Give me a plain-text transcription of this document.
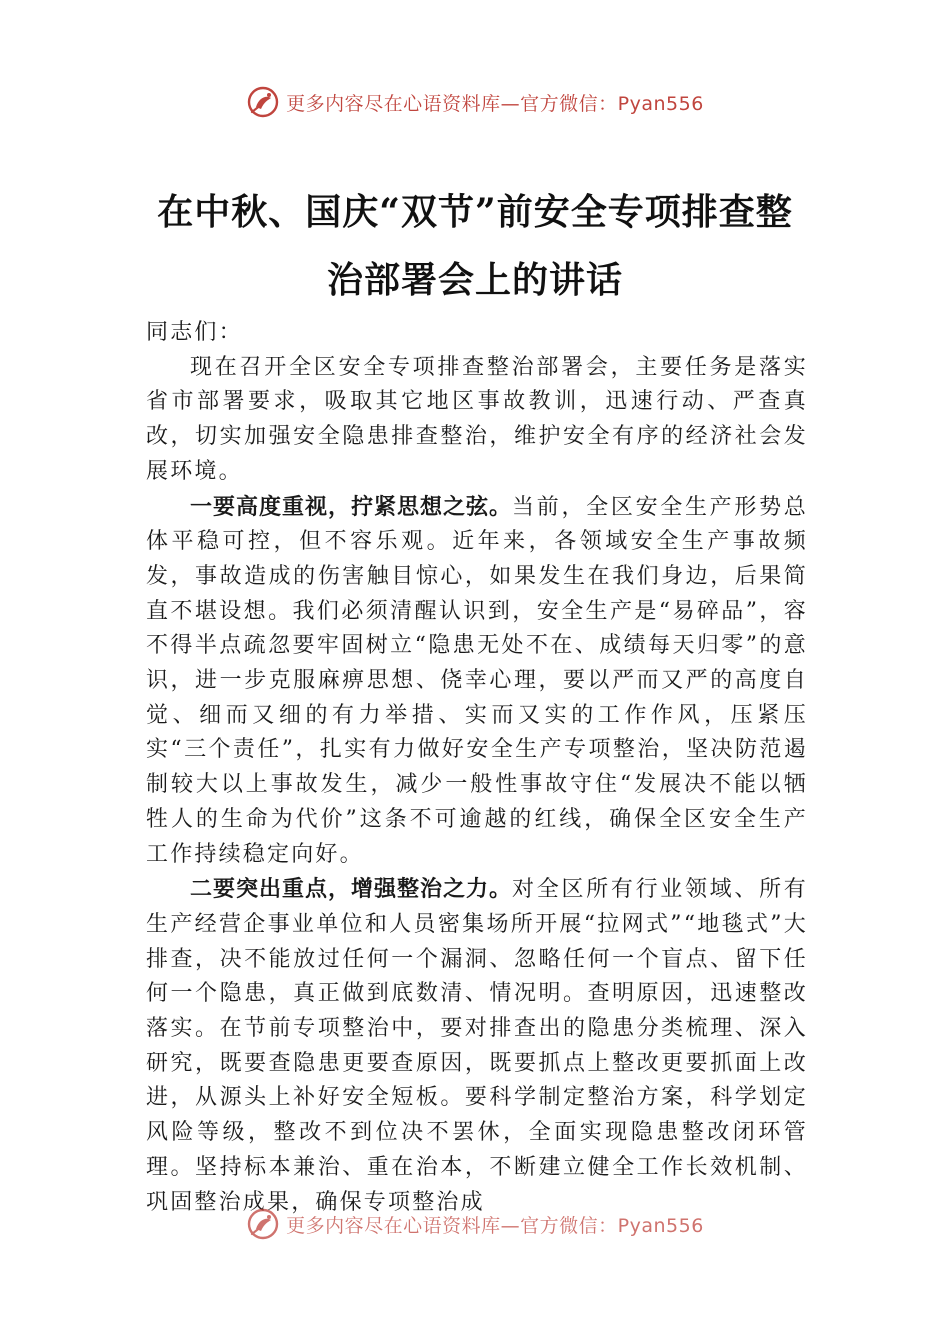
更多内容尽在心语资料库—官方微信：Pyan556
在中秋、国庆“双节”前安全专项排查整
治部署会上的讲话

同志们：

现在召开全区安全专项排查整治部署会，主要任务是落实省市部署要求，吸取其它地区事故教训，迅速行动、严查真改，切实加强安全隐患排查整治，维护安全有序的经济社会发展环境。

一要高度重视，拧紧思想之弦。当前，全区安全生产形势总体平稳可控，但不容乐观。近年来，各领域安全生产事故频发，事故造成的伤害触目惊心，如果发生在我们身边，后果简直不堪设想。我们必须清醒认识到，安全生产是“易碎品”，容不得半点疏忽要牢固树立“隐患无处不在、成绩每天归零”的意识，进一步克服麻痹思想、侥幸心理，要以严而又严的高度自觉、细而又细的有力举措、实而又实的工作作风，压紧压实“三个责任”，扎实有力做好安全生产专项整治，坚决防范遏制较大以上事故发生，减少一般性事故守住“发展决不能以牺牲人的生命为代价”这条不可逾越的红线，确保全区安全生产工作持续稳定向好。

二要突出重点，增强整治之力。对全区所有行业领域、所有生产经营企事业单位和人员密集场所开展“拉网式”“地毯式”大排查，决不能放过任何一个漏洞、忽略任何一个盲点、留下任何一个隐患，真正做到底数清、情况明。查明原因，迅速整改落实。在节前专项整治中，要对排查出的隐患分类梳理、深入研究，既要查隐患更要查原因，既要抓点上整改更要抓面上改进，从源头上补好安全短板。要科学制定整治方案，科学划定风险等级，整改不到位决不罢休，全面实现隐患整改闭环管理。坚持标本兼治、重在治本，不断建立健全工作长效机制、巩固整治成果，确保专项整治成

更多内容尽在心语资料库—官方微信：Pyan556
